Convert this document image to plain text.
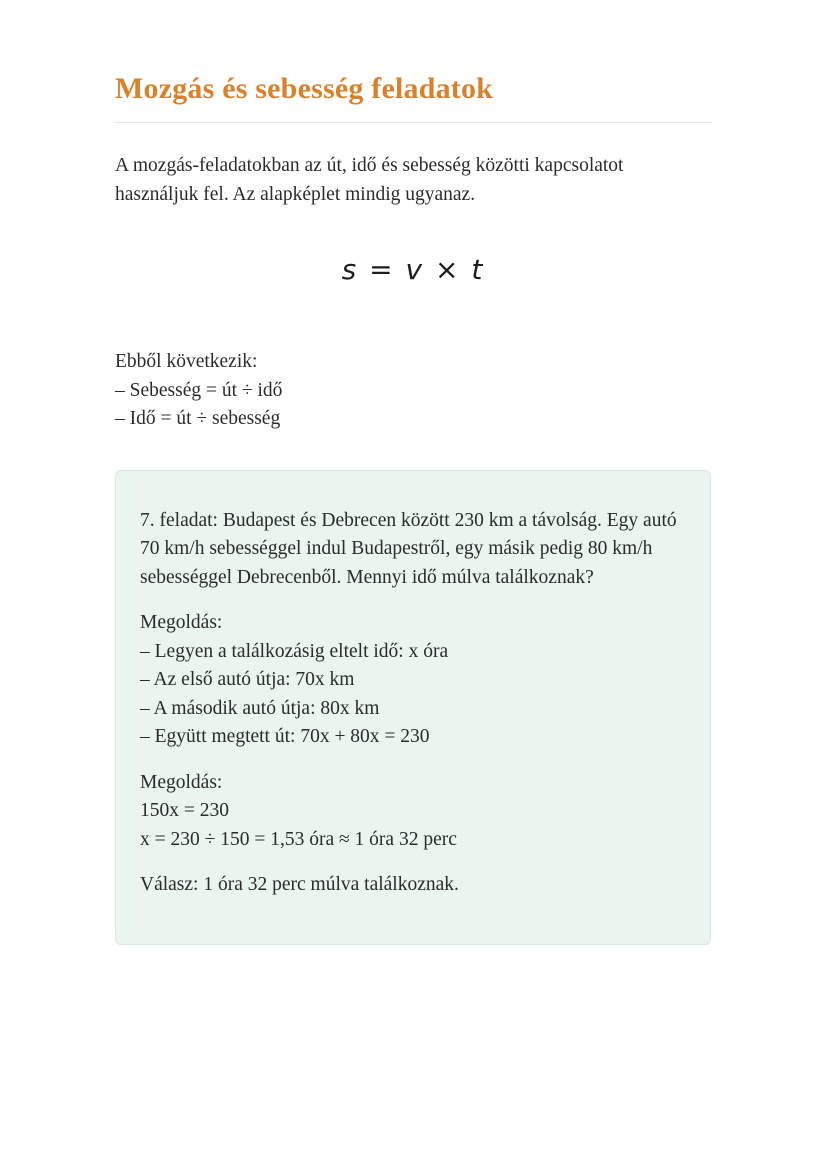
Mozgás és sebesség feladatok

A mozgás-feladatokban az út, idő és sebesség közötti kapcsolatot használjuk fel. Az alapképlet mindig ugyanaz.

s = v × t

Ebből következik:

– Sebesség = út ÷ idő

– Idő = út ÷ sebesség

7. feladat: Budapest és Debrecen között 230 km a távolság. Egy autó 70 km/h sebességgel indul Budapestről, egy másik pedig 80 km/h sebességgel Debrecenből. Mennyi idő múlva találkoznak?

Megoldás:

– Legyen a találkozásig eltelt idő: x óra

– Az első autó útja: 70x km

– A második autó útja: 80x km

– Együtt megtett út: 70x + 80x = 230

Megoldás:

150x = 230

x = 230 ÷ 150 = 1,53 óra ≈ 1 óra 32 perc

Válasz: 1 óra 32 perc múlva találkoznak.
